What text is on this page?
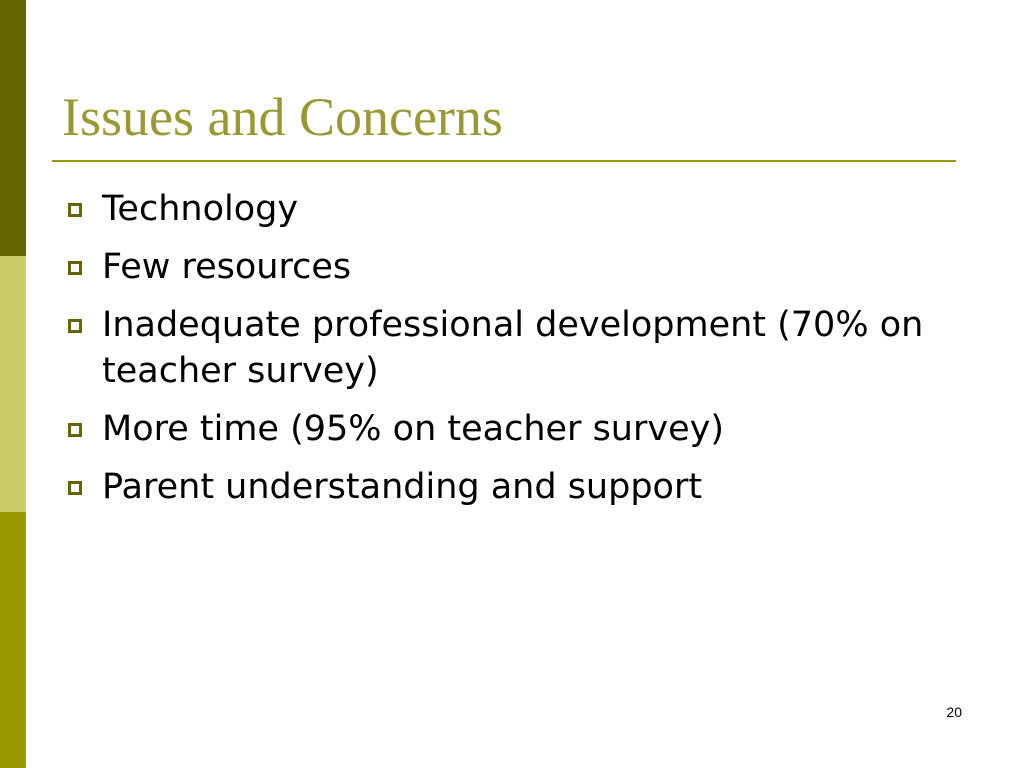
Issues and Concerns
Technology
Few resources
Inadequate professional development (70% on teacher survey)
More time (95% on teacher survey)
Parent understanding and support
20
